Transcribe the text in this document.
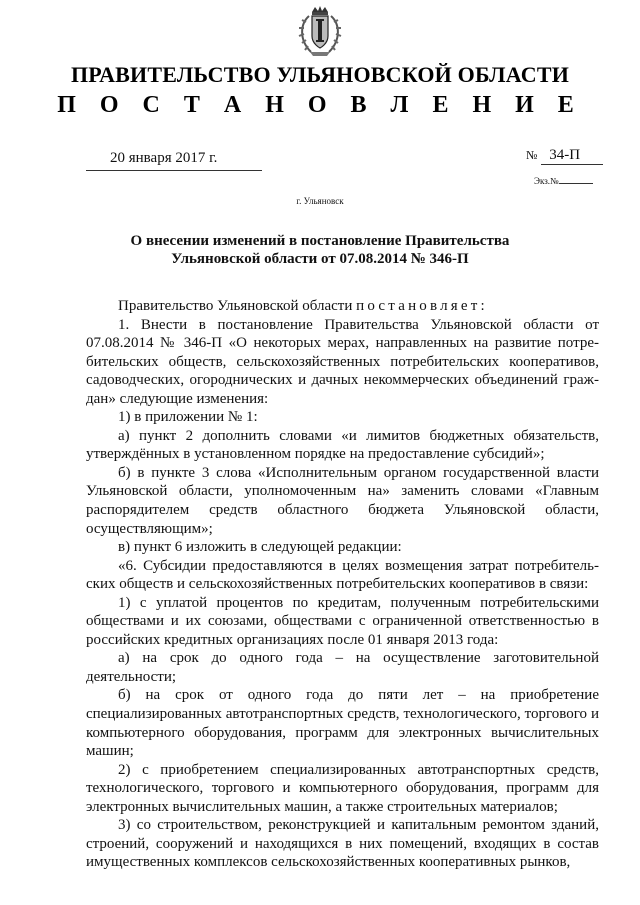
ПРАВИТЕЛЬСТВО УЛЬЯНОВСКОЙ ОБЛАСТИ
П О С Т А Н О В Л Е Н И Е
20 января 2017 г.	№ 34-П
Экз.№
г. Ульяновск
О внесении изменений в постановление Правительства
Ульяновской области от 07.08.2014 № 346-П

Правительство Ульяновской области постановляет:

1. Внести в постановление Правительства Ульяновской области от 07.08.2014 № 346-П «О некоторых мерах, направленных на развитие потре-бительских обществ, сельскохозяйственных потребительских кооперативов, садоводческих, огороднических и дачных некоммерческих объединений граж-дан» следующие изменения:

1) в приложении № 1:

а) пункт 2 дополнить словами «и лимитов бюджетных обязательств, утверждённых в установленном порядке на предоставление субсидий»;

б) в пункте 3 слова «Исполнительным органом государственной власти Ульяновской области, уполномоченным на» заменить словами «Главным распорядителем средств областного бюджета Ульяновской области, осуществляющим»;

в) пункт 6 изложить в следующей редакции:

«6. Субсидии предоставляются в целях возмещения затрат потребитель-ских обществ и сельскохозяйственных потребительских кооперативов в связи:

1) с уплатой процентов по кредитам, полученным потребительскими обществами и их союзами, обществами с ограниченной ответственностью в российских кредитных организациях после 01 января 2013 года:

а) на срок до одного года – на осуществление заготовительной деятельности;

б) на срок от одного года до пяти лет – на приобретение специализированных автотранспортных средств, технологического, торгового и компьютерного оборудования, программ для электронных вычислительных машин;

2) с приобретением специализированных автотранспортных средств, технологического, торгового и компьютерного оборудования, программ для электронных вычислительных машин, а также строительных материалов;

3) со строительством, реконструкцией и капитальным ремонтом зданий, строений, сооружений и находящихся в них помещений, входящих в состав имущественных комплексов сельскохозяйственных кооперативных рынков,
